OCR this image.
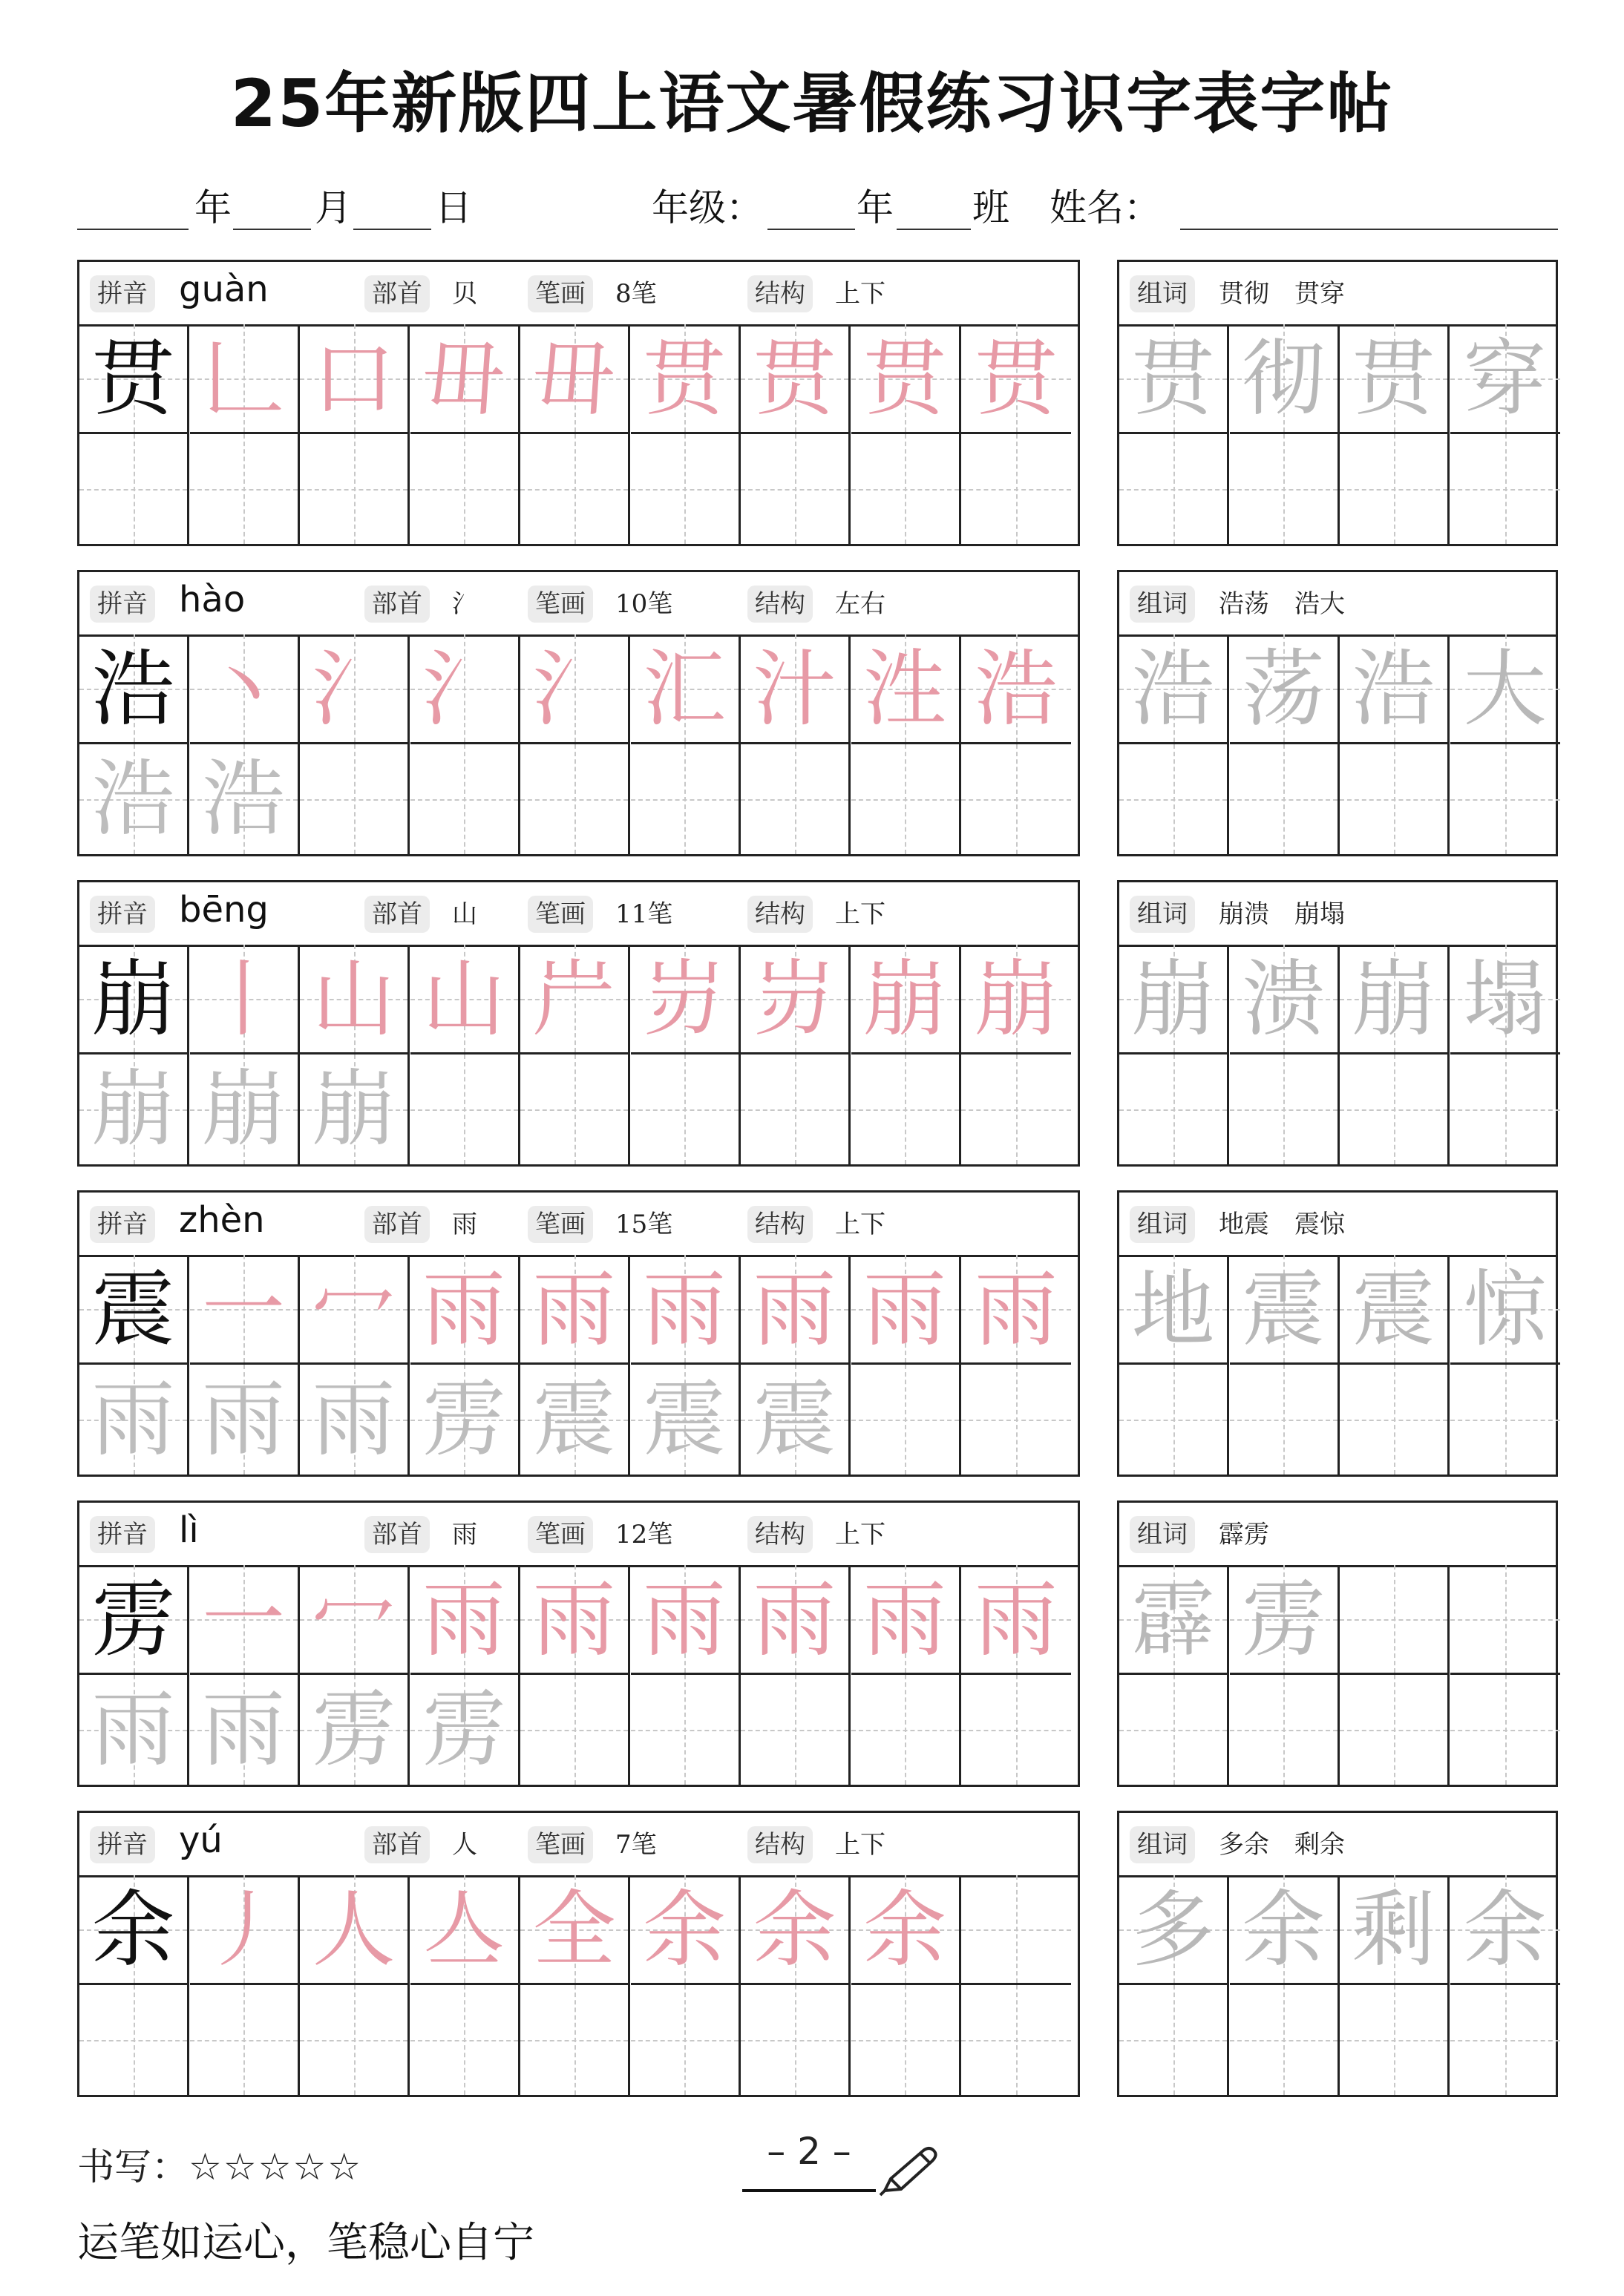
25年新版四上语文暑假练习识字表字帖
年 月 日	年级：	年 班 姓名：
拼音 guàn	部首 贝 笔画 8笔	结构 上下
贯 𠃊 口 毌 毌 贯 贯 贯 贯
组词 贯彻　贯穿
贯 彻 贯 穿
拼音 hào	部首 氵 笔画 10笔	结构 左右
浩 丶 氵 氵 氵 汇 汁 泩 浩
浩 浩
组词 浩荡　浩大
浩 荡 浩 大
拼音 bēng	部首 山 笔画 11笔	结构 上下
崩 丨 山 山 屵 岃 岃 崩 崩
崩 崩 崩
组词 崩溃　崩塌
崩 溃 崩 塌
拼音 zhèn	部首 雨 笔画 15笔	结构 上下
震 一 冖 雨 雨 雨 雨 雨 雨
雨 雨 雨 雳 震 震 震
组词 地震　震惊
地 震 震 惊
拼音 lì	部首 雨 笔画 12笔	结构 上下
雳 一 冖 雨 雨 雨 雨 雨 雨
雨 雨 雳 雳
组词 霹雳
霹 雳
拼音 yú	部首 人 笔画 7笔	结构 上下
余 丿 人 亼 全 余 余 余
组词 多余　剩余
多 余 剩 余
书写：☆☆☆☆☆	– 2 –
运笔如运心，笔稳心自宁
